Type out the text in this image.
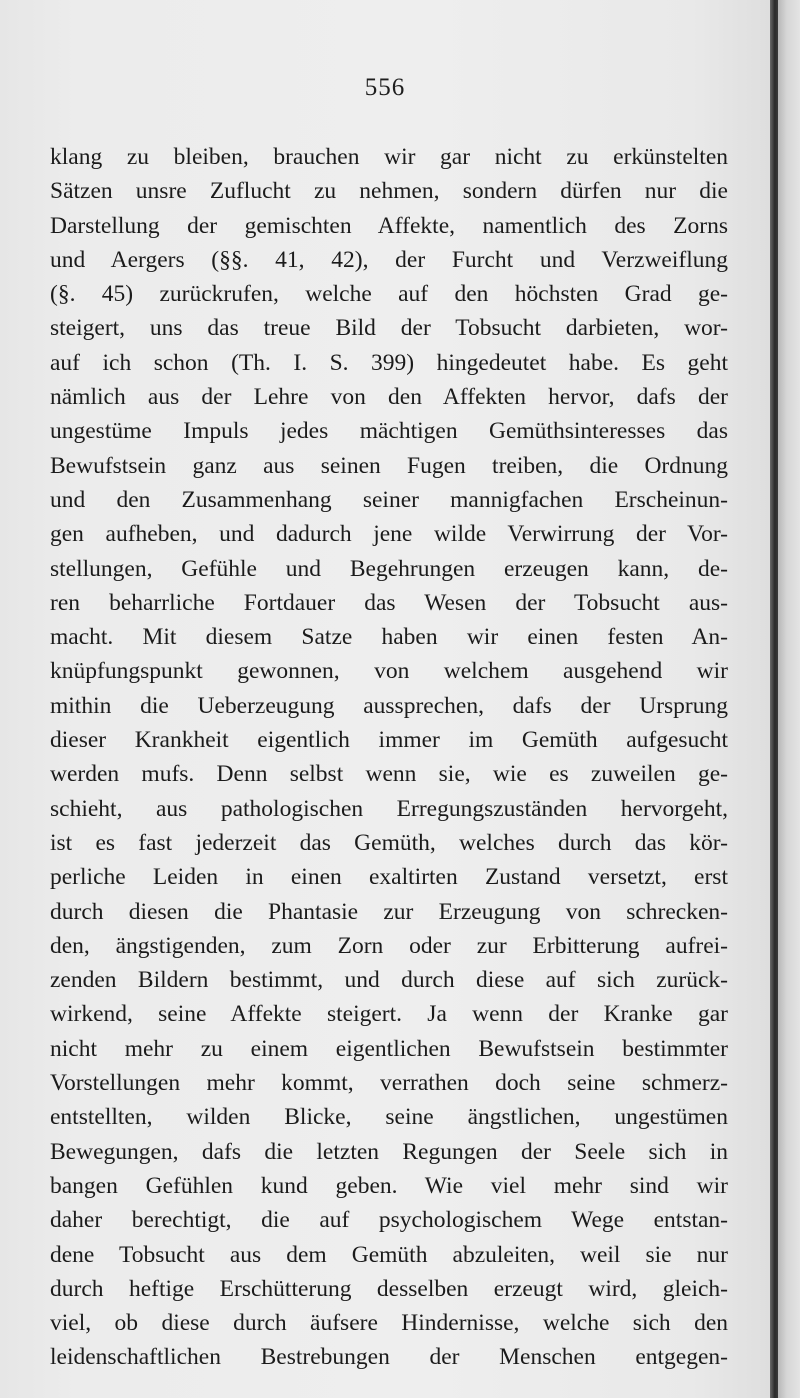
556

klang zu bleiben, brauchen wir gar nicht zu erkünstelten
Sätzen unsre Zuflucht zu nehmen, sondern dürfen nur die
Darstellung der gemischten Affekte, namentlich des Zorns
und Aergers (§§. 41, 42), der Furcht und Verzweiflung
(§. 45) zurückrufen, welche auf den höchsten Grad ge-
steigert, uns das treue Bild der Tobsucht darbieten, wor-
auf ich schon (Th. I. S. 399) hingedeutet habe. Es geht
nämlich aus der Lehre von den Affekten hervor, dafs der
ungestüme Impuls jedes mächtigen Gemüthsinteresses das
Bewufstsein ganz aus seinen Fugen treiben, die Ordnung
und den Zusammenhang seiner mannigfachen Erscheinun-
gen aufheben, und dadurch jene wilde Verwirrung der Vor-
stellungen, Gefühle und Begehrungen erzeugen kann, de-
ren beharrliche Fortdauer das Wesen der Tobsucht aus-
macht. Mit diesem Satze haben wir einen festen An-
knüpfungspunkt gewonnen, von welchem ausgehend wir
mithin die Ueberzeugung aussprechen, dafs der Ursprung
dieser Krankheit eigentlich immer im Gemüth aufgesucht
werden mufs. Denn selbst wenn sie, wie es zuweilen ge-
schieht, aus pathologischen Erregungszuständen hervorgeht,
ist es fast jederzeit das Gemüth, welches durch das kör-
perliche Leiden in einen exaltirten Zustand versetzt, erst
durch diesen die Phantasie zur Erzeugung von schrecken-
den, ängstigenden, zum Zorn oder zur Erbitterung aufrei-
zenden Bildern bestimmt, und durch diese auf sich zurück-
wirkend, seine Affekte steigert. Ja wenn der Kranke gar
nicht mehr zu einem eigentlichen Bewufstsein bestimmter
Vorstellungen mehr kommt, verrathen doch seine schmerz-
entstellten, wilden Blicke, seine ängstlichen, ungestümen
Bewegungen, dafs die letzten Regungen der Seele sich in
bangen Gefühlen kund geben. Wie viel mehr sind wir
daher berechtigt, die auf psychologischem Wege entstan-
dene Tobsucht aus dem Gemüth abzuleiten, weil sie nur
durch heftige Erschütterung desselben erzeugt wird, gleich-
viel, ob diese durch äufsere Hindernisse, welche sich den
leidenschaftlichen Bestrebungen der Menschen entgegen-
